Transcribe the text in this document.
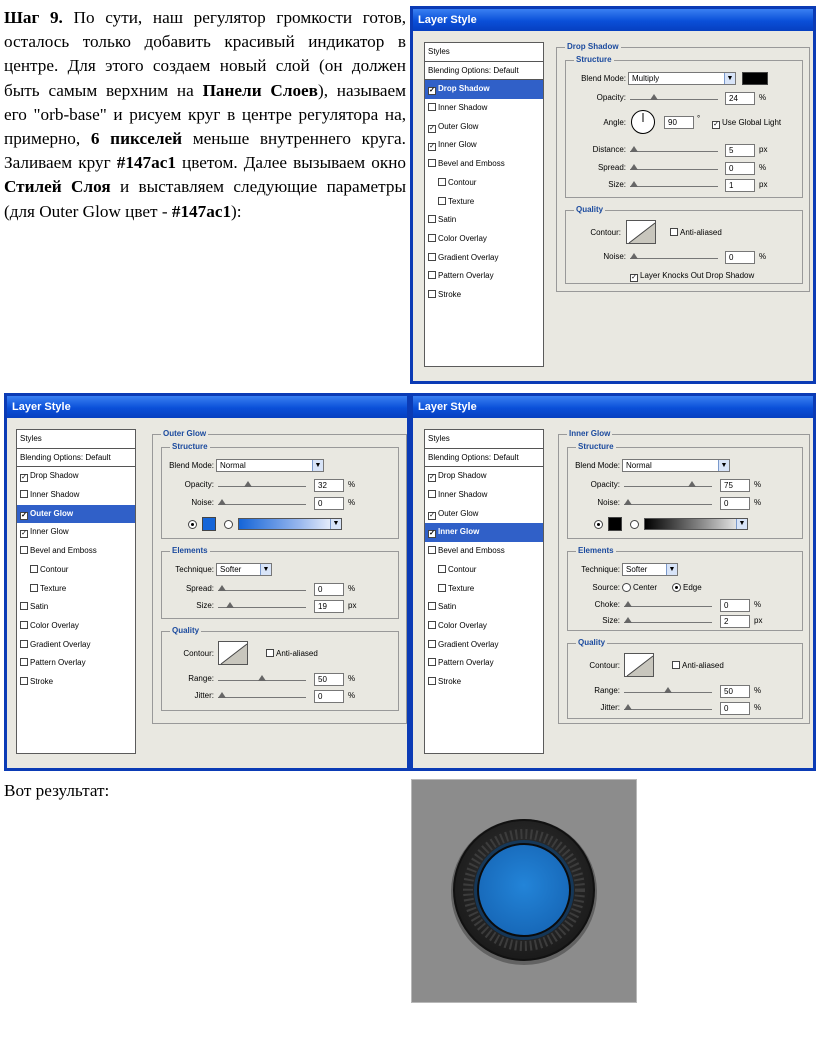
Шаг 9. По сути, наш регулятор громкости готов, осталось только добавить красивый индикатор в центре. Для этого создаем новый слой (он должен быть самым верхним на Панели Слоев), называем его "orb-base" и рисуем круг в центре регулятора на, примерно, 6 пикселей меньше внутреннего круга. Заливаем круг #147ac1 цветом. Далее вызываем окно Стилей Слоя и выставляем следующие параметры (для Outer Glow цвет - #147ac1):
Вот результат:
Layer Style
Styles
Blending Options: Default
✓ Drop Shadow
Inner Shadow
✓ Outer Glow
✓ Inner Glow
Bevel and Emboss
Contour
Texture
Satin
Color Overlay
Gradient Overlay
Pattern Overlay
Stroke
Drop Shadow
Structure
Blend Mode: Multiply	▼
Opacity:	24	%
Angle:	90	°
✓ Use Global Light
Distance:	5	px
Spread:	0	%
Size:	1	px
Quality
Contour:	Anti-aliased
Noise:	0	%
✓ Layer Knocks Out Drop Shadow
Layer Style
Styles
Blending Options: Default
✓ Drop Shadow
Inner Shadow
✓ Outer Glow
✓ Inner Glow
Bevel and Emboss
Contour
Texture
Satin
Color Overlay
Gradient Overlay
Pattern Overlay
Stroke
Outer Glow
Structure
Blend Mode: Normal	▼
Opacity:	32	%
Noise:	0	%
▼
Elements
Technique: Softer	▼
Spread:	0	%
Size:	19	px
Quality
Contour:	Anti-aliased
Range:	50	%
Jitter:	0	%
Layer Style
Styles
Blending Options: Default
✓ Drop Shadow
Inner Shadow
✓ Outer Glow
✓ Inner Glow
Bevel and Emboss
Contour
Texture
Satin
Color Overlay
Gradient Overlay
Pattern Overlay
Stroke
Inner Glow
Structure
Blend Mode: Normal	▼
Opacity:	75	%
Noise:	0	%
▼
Elements
Technique: Softer	▼
Source: Center	Edge
Choke:	0	%
Size:	2	px
Quality
Contour:	Anti-aliased
Range:	50	%
Jitter:	0	%
